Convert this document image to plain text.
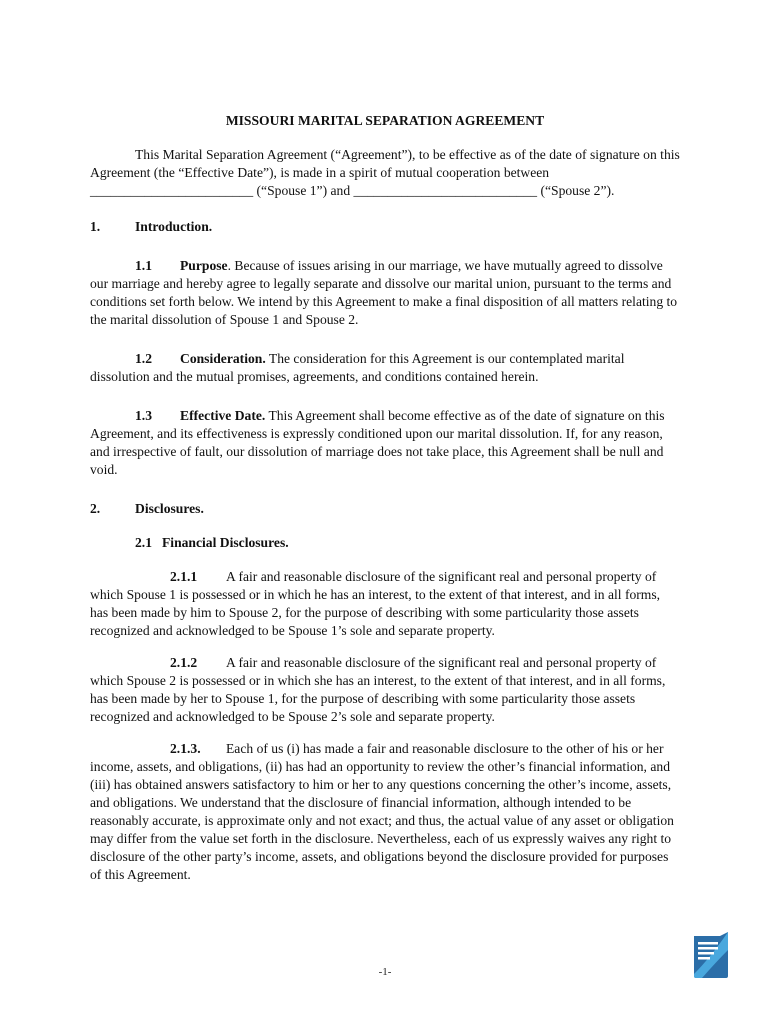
MISSOURI MARITAL SEPARATION AGREEMENT
This Marital Separation Agreement (“Agreement”), to be effective as of the date of signature on this Agreement (the “Effective Date”), is made in a spirit of mutual cooperation between ________________________ (“Spouse 1”) and ___________________________ (“Spouse 2”).
1.	Introduction.
1.1 Purpose. Because of issues arising in our marriage, we have mutually agreed to dissolve our marriage and hereby agree to legally separate and dissolve our marital union, pursuant to the terms and conditions set forth below. We intend by this Agreement to make a final disposition of all matters relating to the marital dissolution of Spouse 1 and Spouse 2.
1.2 Consideration. The consideration for this Agreement is our contemplated marital dissolution and the mutual promises, agreements, and conditions contained herein.
1.3 Effective Date. This Agreement shall become effective as of the date of signature on this Agreement, and its effectiveness is expressly conditioned upon our marital dissolution. If, for any reason, and irrespective of fault, our dissolution of marriage does not take place, this Agreement shall be null and void.
2.	Disclosures.
2.1 Financial Disclosures.
2.1.1 A fair and reasonable disclosure of the significant real and personal property of which Spouse 1 is possessed or in which he has an interest, to the extent of that interest, and in all forms, has been made by him to Spouse 2, for the purpose of describing with some particularity those assets recognized and acknowledged to be Spouse 1’s sole and separate property.
2.1.2 A fair and reasonable disclosure of the significant real and personal property of which Spouse 2 is possessed or in which she has an interest, to the extent of that interest, and in all forms, has been made by her to Spouse 1, for the purpose of describing with some particularity those assets recognized and acknowledged to be Spouse 2’s sole and separate property.
2.1.3. Each of us (i) has made a fair and reasonable disclosure to the other of his or her income, assets, and obligations, (ii) has had an opportunity to review the other’s financial information, and (iii) has obtained answers satisfactory to him or her to any questions concerning the other’s income, assets, and obligations. We understand that the disclosure of financial information, although intended to be reasonably accurate, is approximate only and not exact; and thus, the actual value of any asset or obligation may differ from the value set forth in the disclosure. Nevertheless, each of us expressly waives any right to disclosure of the other party’s income, assets, and obligations beyond the disclosure provided for purposes of this Agreement.
-1-
